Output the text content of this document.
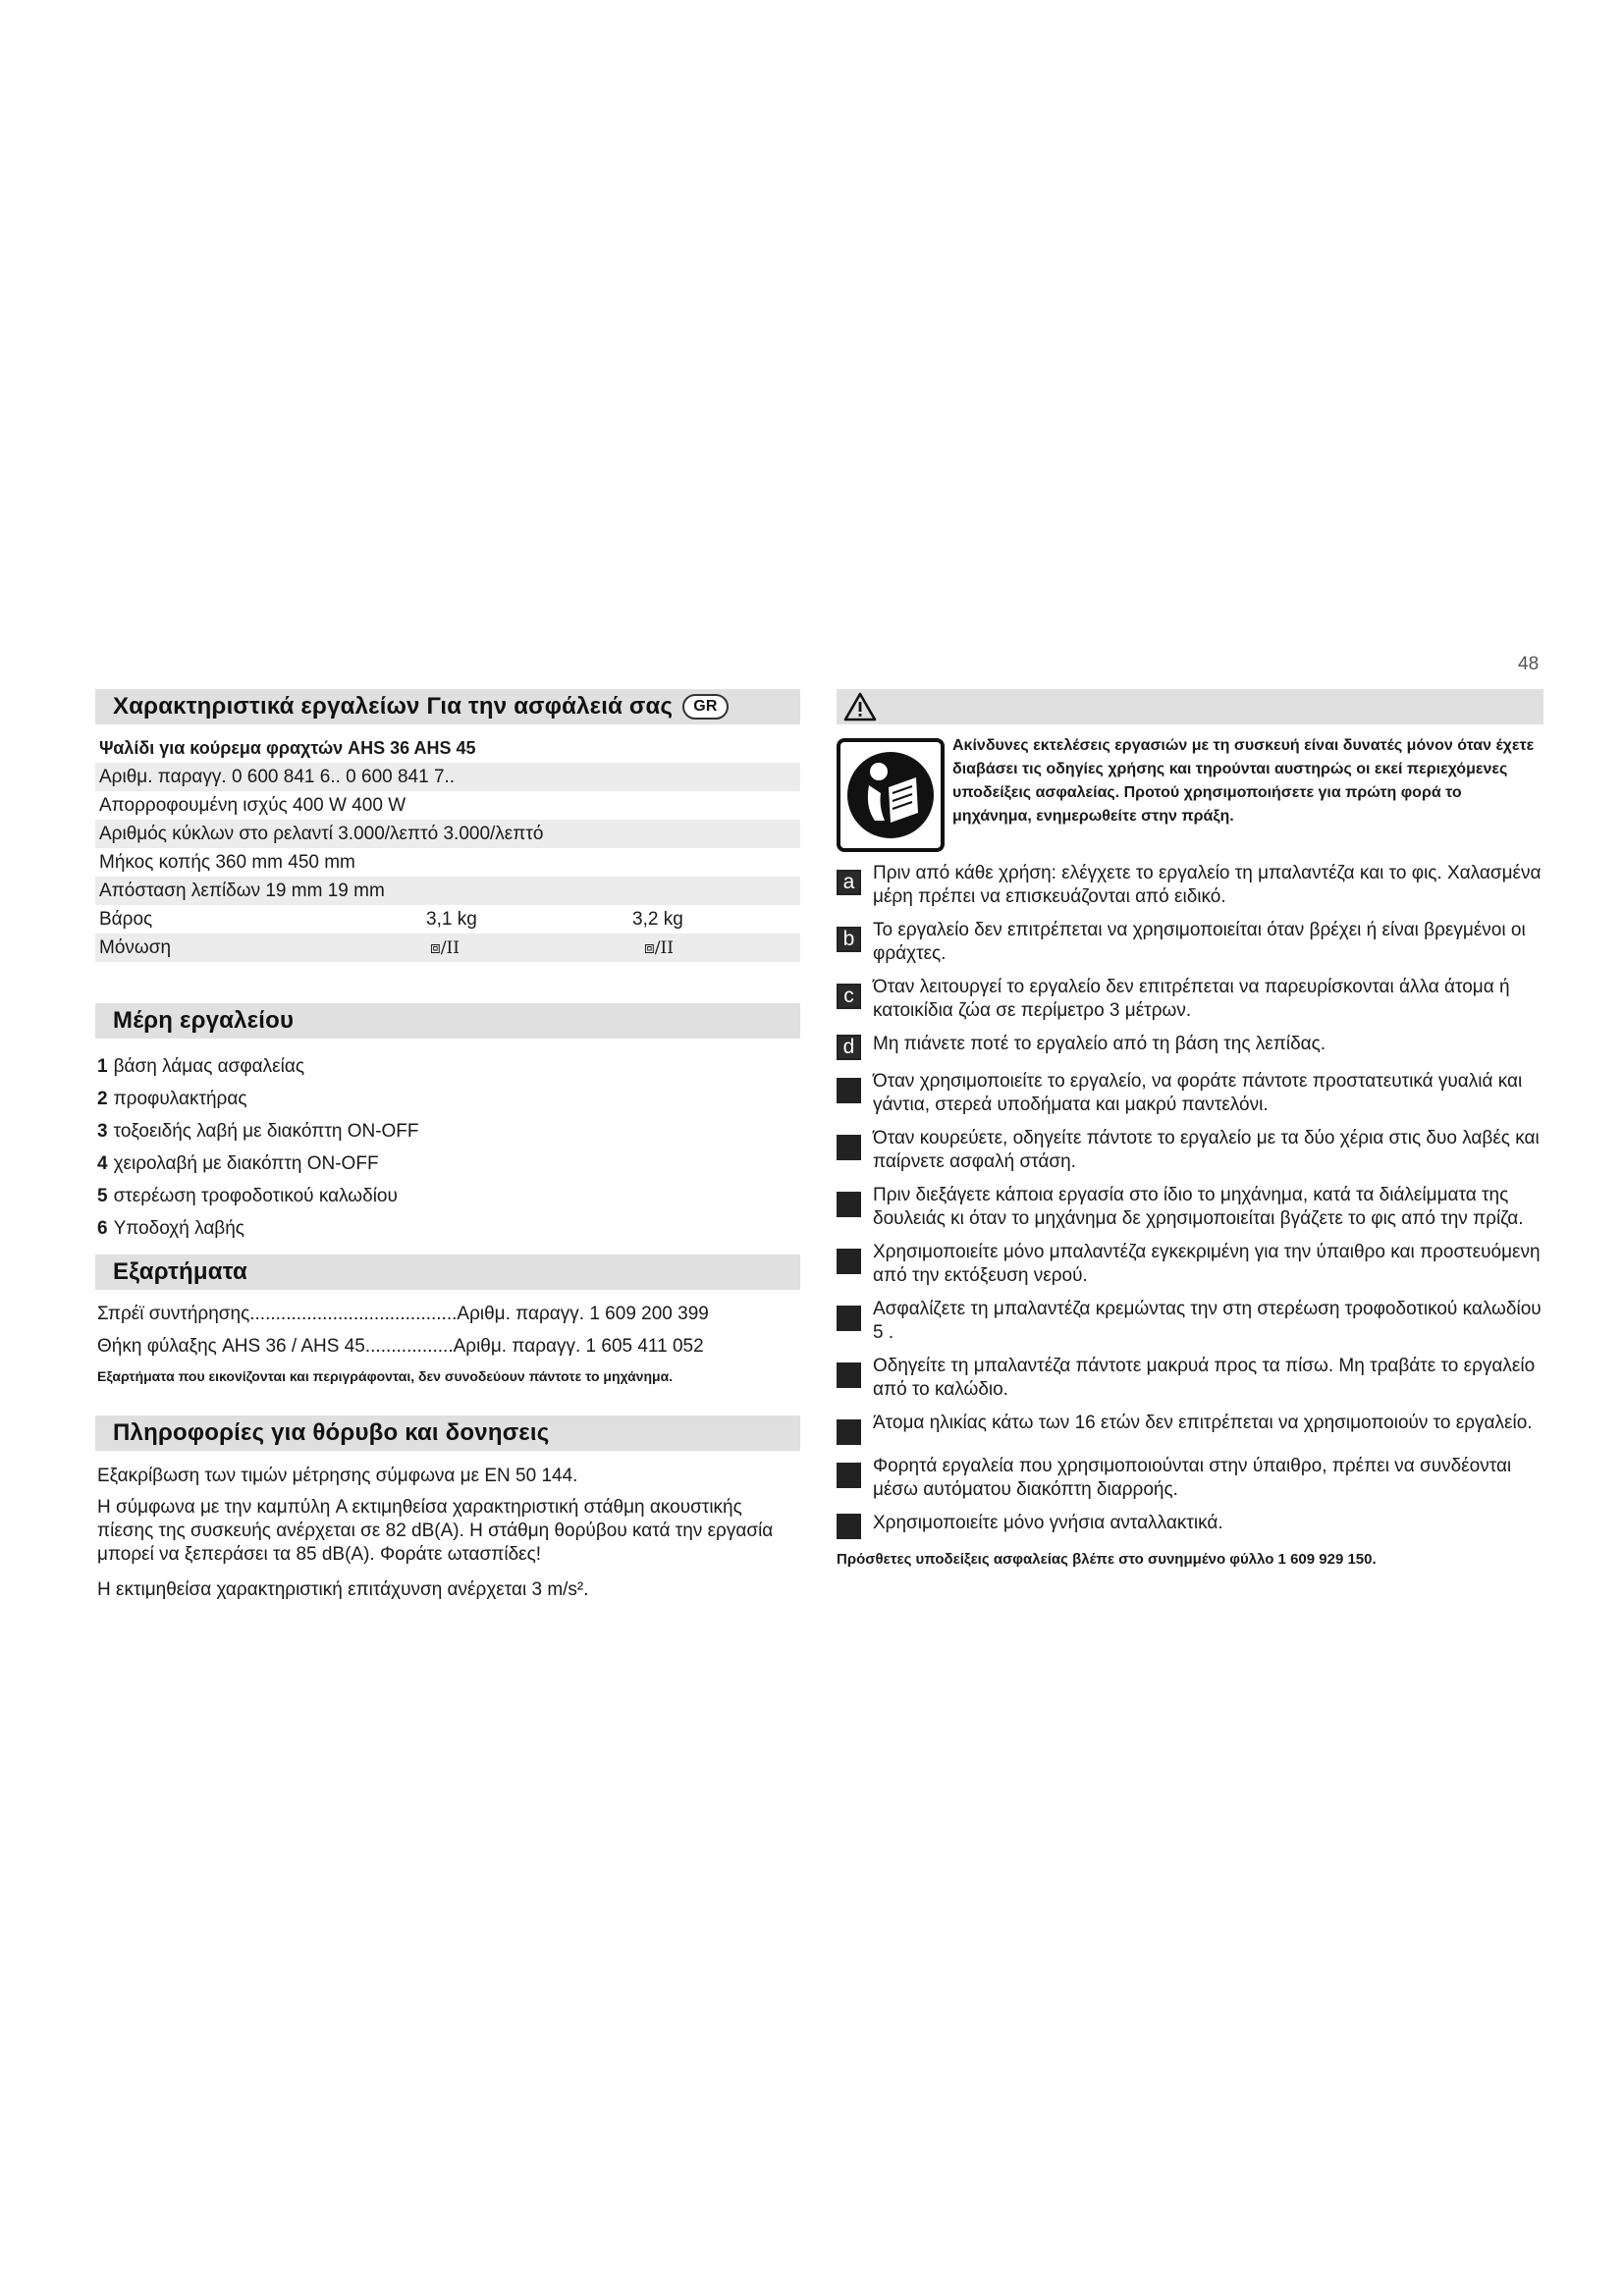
48
Χαρακτηριστικά εργαλείων Για την ασφάλειά σας	GR
Ψαλίδι για κούρεμα φραχτών AHS 36 AHS 45
Αριθμ. παραγγ. 0 600 841 6.. 0 600 841 7..
Απορροφουμένη ισχύς 400 W 400 W
Αριθμός κύκλων στο ρελαντί 3.000/λεπτό 3.000/λεπτό
Μήκος κοπής 360 mm 450 mm
Απόσταση λεπίδων 19 mm 19 mm
Βάρος	3,1 kg	3,2 kg
Μόνωση	⧈/II	⧈/II
Μέρη εργαλείου
1 βάση λάμας ασφαλείας
2 προφυλακτήρας
3 τοξοειδής λαβή με διακόπτη ON-OFF
4 χειρολαβή με διακόπτη ON-OFF
5 στερέωση τροφοδοτικού καλωδίου
6 Υποδοχή λαβής
Εξαρτήματα
Σπρέϊ συντήρησης........................................Αριθμ. παραγγ. 1 609 200 399
Θήκη φύλαξης AHS 36 / AHS 45.................Αριθμ. παραγγ. 1 605 411 052
Εξαρτήματα που εικονίζονται και περιγράφονται, δεν συνοδεύουν πάντοτε το μηχάνημα.
Πληροφορίες για θόρυβο και δονησεις
Εξακρίβωση των τιμών μέτρησης σύμφωνα με EN 50 144.
Η σύμφωνα με την καμπύλη A εκτιμηθείσα χαρακτηριστική στάθμη ακουστικής πίεσης της συσκευής ανέρχεται σε 82 dB(A). Η στάθμη θορύβου κατά την εργασία μπορεί να ξεπεράσει τα 85 dB(A). Φοράτε ωτασπίδες!
Η εκτιμηθείσα χαρακτηριστική επιτάχυνση ανέρχεται 3 m/s².
Ακίνδυνες εκτελέσεις εργασιών με τη συσκευή είναι δυνατές μόνον όταν έχετε διαβάσει τις οδηγίες χρήσης και τηρούνται αυστηρώς οι εκεί περιεχόμενες υποδείξεις ασφαλείας. Προτού χρησιμοποιήσετε για πρώτη φορά το μηχάνημα, ενημερωθείτε στην πράξη.
a Πριν από κάθε χρήση: ελέγχετε το εργαλείο τη μπαλαντέζα και το φις. Χαλασμένα μέρη πρέπει να επισκευάζονται από ειδικό.
b Το εργαλείο δεν επιτρέπεται να χρησιμοποιείται όταν βρέχει ή είναι βρεγμένοι οι φράχτες.
c	Όταν λειτουργεί το εργαλείο δεν επιτρέπεται να παρευρίσκονται άλλα άτομα ή κατοικίδια ζώα σε περίμετρο 3 μέτρων.
d Μη πιάνετε ποτέ το εργαλείο από τη βάση της λεπίδας.
Όταν χρησιμοποιείτε το εργαλείο, να φοράτε πάντοτε προστατευτικά γυαλιά και γάντια, στερεά υποδήματα και μακρύ παντελόνι.
Όταν κουρεύετε, οδηγείτε πάντοτε το εργαλείο με τα δύο χέρια στις δυο λαβές και παίρνετε ασφαλή στάση.
Πριν διεξάγετε κάποια εργασία στο ίδιο το μηχάνημα, κατά τα διάλείμματα της δουλειάς κι όταν το μηχάνημα δε χρησιμοποιείται βγάζετε το φις από την πρίζα.
Χρησιμοποιείτε μόνο μπαλαντέζα εγκεκριμένη για την ύπαιθρο και προστευόμενη από την εκτόξευση νερού.
Ασφαλίζετε τη μπαλαντέζα κρεμώντας την στη στερέωση τροφοδοτικού καλωδίου 5 .
Οδηγείτε τη μπαλαντέζα πάντοτε μακρυά προς τα πίσω. Μη τραβάτε το εργαλείο από το καλώδιο.
Άτομα ηλικίας κάτω των 16 ετών δεν επιτρέπεται να χρησιμοποιούν το εργαλείο.
Φορητά εργαλεία που χρησιμοποιούνται στην ύπαιθρο, πρέπει να συνδέονται μέσω αυτόματου διακόπτη διαρροής.
Χρησιμοποιείτε μόνο γνήσια ανταλλακτικά.
Πρόσθετες υποδείξεις ασφαλείας βλέπε στο συνημμένο φύλλο 1 609 929 150.
